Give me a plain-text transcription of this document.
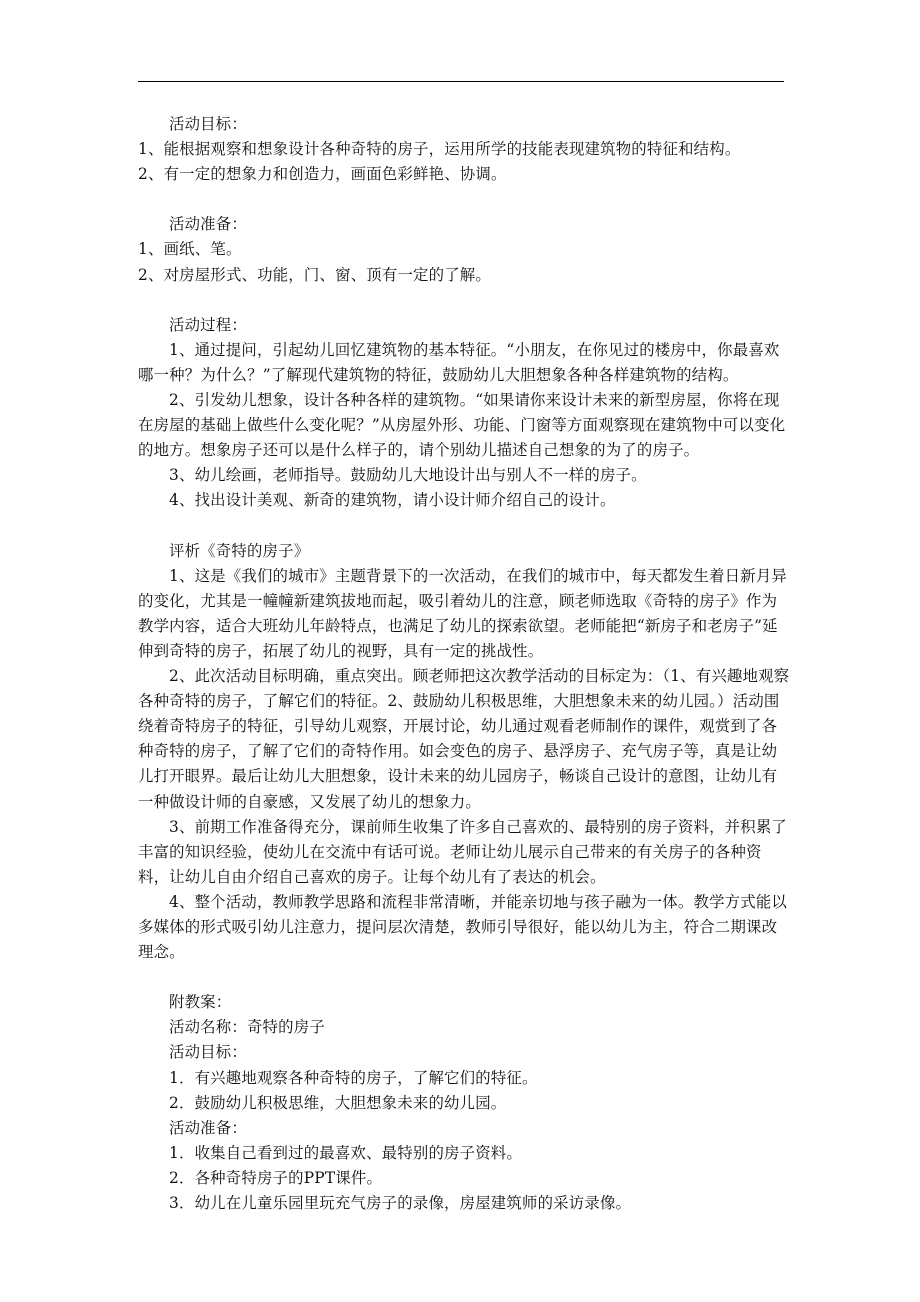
活动目标：

1、能根据观察和想象设计各种奇特的房子，运用所学的技能表现建筑物的特征和结构。

2、有一定的想象力和创造力，画面色彩鲜艳、协调。

活动准备：

1、画纸、笔。

2、对房屋形式、功能，门、窗、顶有一定的了解。

活动过程：

1、通过提问，引起幼儿回忆建筑物的基本特征。“小朋友，在你见过的楼房中，你最喜欢哪一种？为什么？”了解现代建筑物的特征，鼓励幼儿大胆想象各种各样建筑物的结构。

2、引发幼儿想象，设计各种各样的建筑物。“如果请你来设计未来的新型房屋，你将在现在房屋的基础上做些什么变化呢？”从房屋外形、功能、门窗等方面观察现在建筑物中可以变化的地方。想象房子还可以是什么样子的，请个别幼儿描述自己想象的为了的房子。

3、幼儿绘画，老师指导。鼓励幼儿大地设计出与别人不一样的房子。

4、找出设计美观、新奇的建筑物，请小设计师介绍自己的设计。

评析《奇特的房子》

1、这是《我们的城市》主题背景下的一次活动，在我们的城市中，每天都发生着日新月异的变化，尤其是一幢幢新建筑拔地而起，吸引着幼儿的注意，顾老师选取《奇特的房子》作为教学内容，适合大班幼儿年龄特点，也满足了幼儿的探索欲望。老师能把“新房子和老房子”延伸到奇特的房子，拓展了幼儿的视野，具有一定的挑战性。

2、此次活动目标明确，重点突出。顾老师把这次教学活动的目标定为：（1、有兴趣地观察各种奇特的房子，了解它们的特征。2、鼓励幼儿积极思维，大胆想象未来的幼儿园。）活动围绕着奇特房子的特征，引导幼儿观察，开展讨论，幼儿通过观看老师制作的课件，观赏到了各种奇特的房子，了解了它们的奇特作用。如会变色的房子、悬浮房子、充气房子等，真是让幼儿打开眼界。最后让幼儿大胆想象，设计未来的幼儿园房子，畅谈自己设计的意图，让幼儿有一种做设计师的自豪感，又发展了幼儿的想象力。

3、前期工作准备得充分，课前师生收集了许多自己喜欢的、最特别的房子资料，并积累了丰富的知识经验，使幼儿在交流中有话可说。老师让幼儿展示自己带来的有关房子的各种资料，让幼儿自由介绍自己喜欢的房子。让每个幼儿有了表达的机会。

4、整个活动，教师教学思路和流程非常清晰，并能亲切地与孩子融为一体。教学方式能以多媒体的形式吸引幼儿注意力，提问层次清楚，教师引导很好，能以幼儿为主，符合二期课改理念。

附教案：

活动名称：奇特的房子

活动目标：

1．有兴趣地观察各种奇特的房子，了解它们的特征。

2．鼓励幼儿积极思维，大胆想象未来的幼儿园。

活动准备：

1．收集自己看到过的最喜欢、最特别的房子资料。

2．各种奇特房子的PPT课件。

3．幼儿在儿童乐园里玩充气房子的录像，房屋建筑师的采访录像。
